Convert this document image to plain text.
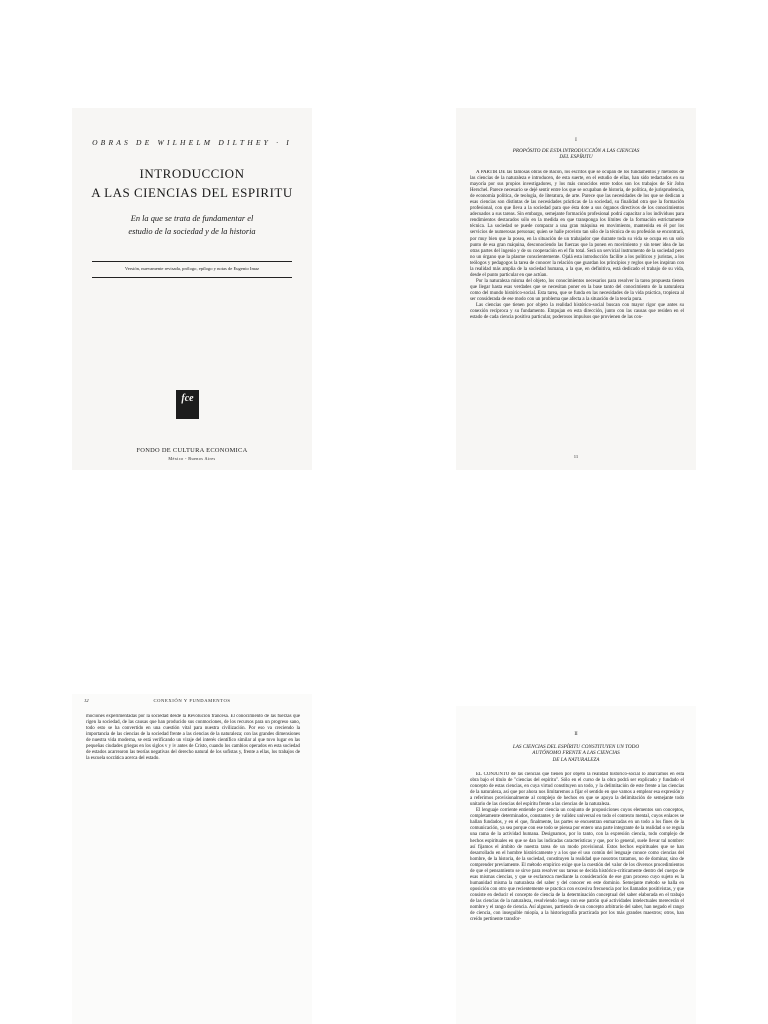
OBRAS DE WILHELM DILTHEY · I
INTRODUCCION
A LAS CIENCIAS DEL ESPIRITU
En la que se trata de fundamentar el
estudio de la sociedad y de la historia
Versión, nuevamente revisada, prólogo, epílogo y notas de Eugenio Imaz
fce
FONDO DE CULTURA ECONOMICA
México - Buenos Aires
I
PROPÓSITO DE ESTA INTRODUCCIÓN A LAS CIENCIAS
DEL ESPÍRITU

A PARTIR DE las famosas obras de Bacon, los escritos que se ocupan de los fundamentos y métodos de las ciencias de la naturaleza e introducen, de esta suerte, en el estudio de ellas, han sido redactados en su mayoría por sus propios investigadores, y los más conocidos entre todos son los trabajos de Sir John Herschel. Parece necesario se dejé sentir entre los que se ocupaban de historia, de política, de jurisprudencia, de economía política, de teología, de literatura, de arte. Parece que las necesidades de los que se dedican a esas ciencias son distintas de las necesidades prácticas de la sociedad, su finalidad otra que la formación profesional, con que lleva a la sociedad para que ésta dote a sus órganos directivos de los conocimientos adecuados a sus tareas. Sin embargo, semejante formación profesional podrá capacitar a los individuos para rendimientos destacados sólo en la medida en que transponga los límites de la formación estrictamente técnica. La sociedad se puede comparar a una gran máquina en movimiento, mantenida en él por los servicios de numerosas personas; quien se halle provisto tan sólo de la técnica de su profesión se encontrará, por muy bien que la posea, en la situación de un trabajador que durante toda su vida se ocupa en un solo punto de esa gran máquina, desconociendo las fuerzas que la ponen en movimiento y sin tener idea de las otras partes del ingenio y de su cooperación en el fin total. Será un servicial instrumento de la sociedad pero no un órgano que la plasme conscientemente. Ojalá esta introducción facilite a los políticos y juristas, a los teólogos y pedagogos la tarea de conocer la relación que guardan los principios y reglos que les inspiran con la realidad más amplia de la sociedad humana, a la que, en definitiva, está dedicado el trabajo de su vida, desde el punto particular en que actúan.

Por la naturaleza misma del objeto, los conocimientos necesarios para resolver la tarea propuesta tienen que llegar hasta esas verdades que se necesitan poner en la base tanto del conocimiento de la naturaleza como del mundo histórico-social. Esta tarea, que se funda en las necesidades de la vida práctica, tropieza al ser considerada de ese modo con un problema que afecta a la situación de la teoría pura.

Las ciencias que tienen por objeto la realidad histórico-social buscan con mayor rigor que antes su conexión recíproca y su fundamento. Empujan en esta dirección, junto con las causas que residen en el estado de cada ciencia positiva particular, poderosos impulsos que provienen de las con-

11
12	CONEXIÓN Y FUNDAMENTOS

mociones experimentadas por la sociedad desde la Revolución francesa. El conocimiento de las fuerzas que rigen la sociedad, de las causas que han producido sus conmociones, de los recursos para un progreso sano, todo esto se ha convertido en una cuestión vital para nuestra civilización. Por eso va creciendo la importancia de las ciencias de la sociedad frente a las ciencias de la naturaleza; con las grandes dimensiones de nuestra vida moderna, se está verificando un viraje del interés científico similar al que tuvo lugar en las pequeñas ciudades griegas en los siglos v y iv antes de Cristo, cuando los cambios operados en esta sociedad de estados acarrearon las teorías negativas del derecho natural de los sofistas y, frente a ellas, los trabajos de la escuela socrática acerca del estado.

II
LAS CIENCIAS DEL ESPÍRITU CONSTITUYEN UN TODO
AUTÓNOMO FRENTE A LAS CIENCIAS
DE LA NATURALEZA

EL CONJUNTO de las ciencias que tienen por objeto la realidad histórico-social lo abarcamos en esta obra bajo el título de "ciencias del espíritu". Sólo en el curso de la obra podrá ser explicado y fundado el concepto de estas ciencias, en cuya virtud constituyen un todo, y la delimitación de este frente a las ciencias de la naturaleza, así que por ahora nos limitaremos a fijar el sentido en que vamos a emplear esa expresión y a referirnos provisionalmente al complejo de hechos en que se apoya la delimitación de semejante todo unitario de las ciencias del espíritu frente a las ciencias de la naturaleza.

El lenguaje corriente entiende por ciencia un conjunto de proposiciones cuyos elementos son conceptos, completamente determinados, constantes y de validez universal en todo el contexto mental, cuyos enlaces se hallan fundados, y en el que, finalmente, las partes se encuentran enmarcadas en un todo a los fines de la comunicación, ya sea porque con ese todo se piensa por entero una parte integrante de la realidad o se regula una rama de la actividad humana. Designamos, por lo tanto, con la expresión ciencia, todo complejo de hechos espirituales en que se dan las indicadas características y que, por lo general, suele llevar tal nombre: así fijamos el ámbito de nuestra tarea de un modo provisional. Estos hechos espirituales que se han desarrollado en el hombre históricamente y a los que el uso común del lenguaje conoce como ciencias del hombre, de la historia, de la sociedad, constituyen la realidad que nosotros tratamos, no de dominar, sino de comprender previamente. El método empírico exige que la cuestión del valor de los diversos procedimientos de que el pensamiento se sirve para resolver sus tareas se decida histórico-críticamente dentro del cuerpo de esas mismas ciencias, y que se esclarezca mediante la consideración de ese gran proceso cuyo sujeto es la humanidad misma la naturaleza del saber y del conocer en este dominio. Semejante método se halla en oposición con otro que recientemente se practica con excesiva frecuencia por los llamados positivistas, y que consiste en deducir el concepto de ciencia de la determinación conceptual del saber elaborada en el trabajo de las ciencias de la naturaleza, resolviendo luego con ese patrón qué actividades intelectuales merecerán el nombre y el rango de ciencia. Así algunos, partiendo de un concepto arbitrario del saber, han negado el rango de ciencia, con inseguible miopía, a la historiografía practicada por los más grandes maestros; otros, han creído pertinente transfor-
